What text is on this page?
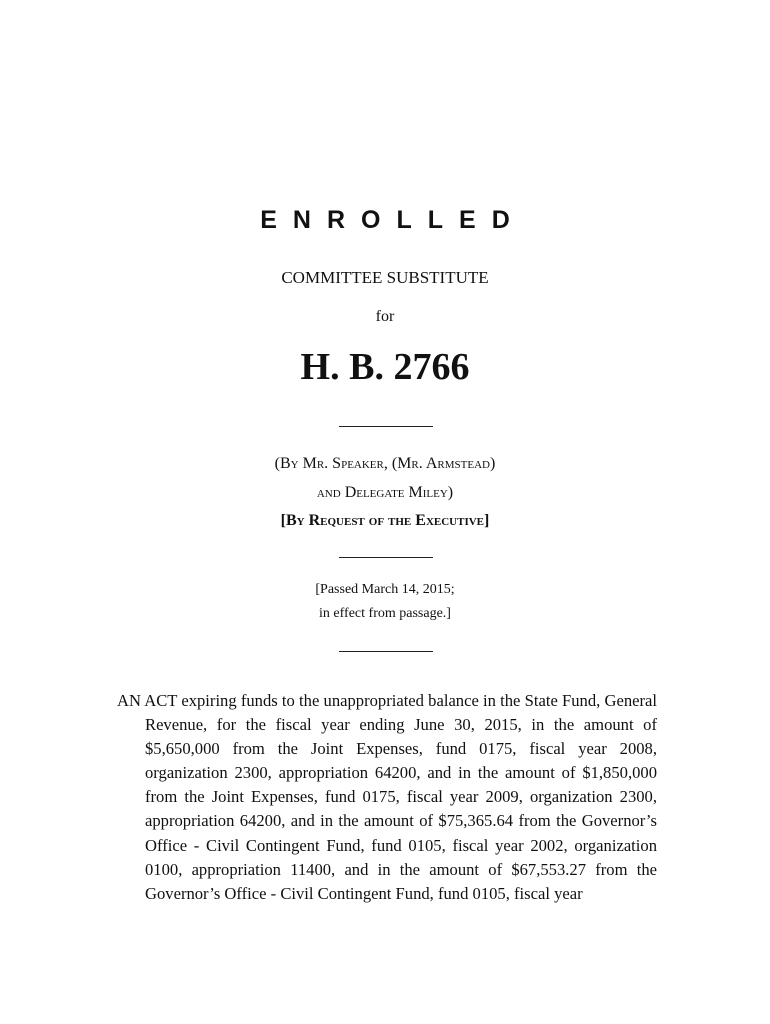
ENROLLED
COMMITTEE SUBSTITUTE
for
H. B. 2766
(By Mr. Speaker, (Mr. Armstead)
and Delegate Miley)
[By Request of the Executive]
[Passed March 14, 2015;
in effect from passage.]
AN ACT expiring funds to the unappropriated balance in the State Fund, General Revenue, for the fiscal year ending June 30, 2015, in the amount of $5,650,000 from the Joint Expenses, fund 0175, fiscal year 2008, organization 2300, appropriation 64200, and in the amount of $1,850,000 from the Joint Expenses, fund 0175, fiscal year 2009, organization 2300, appropriation 64200, and in the amount of $75,365.64 from the Governor’s Office - Civil Contingent Fund, fund 0105, fiscal year 2002, organization 0100, appropriation 11400, and in the amount of $67,553.27 from the Governor’s Office - Civil Contingent Fund, fund 0105, fiscal year
